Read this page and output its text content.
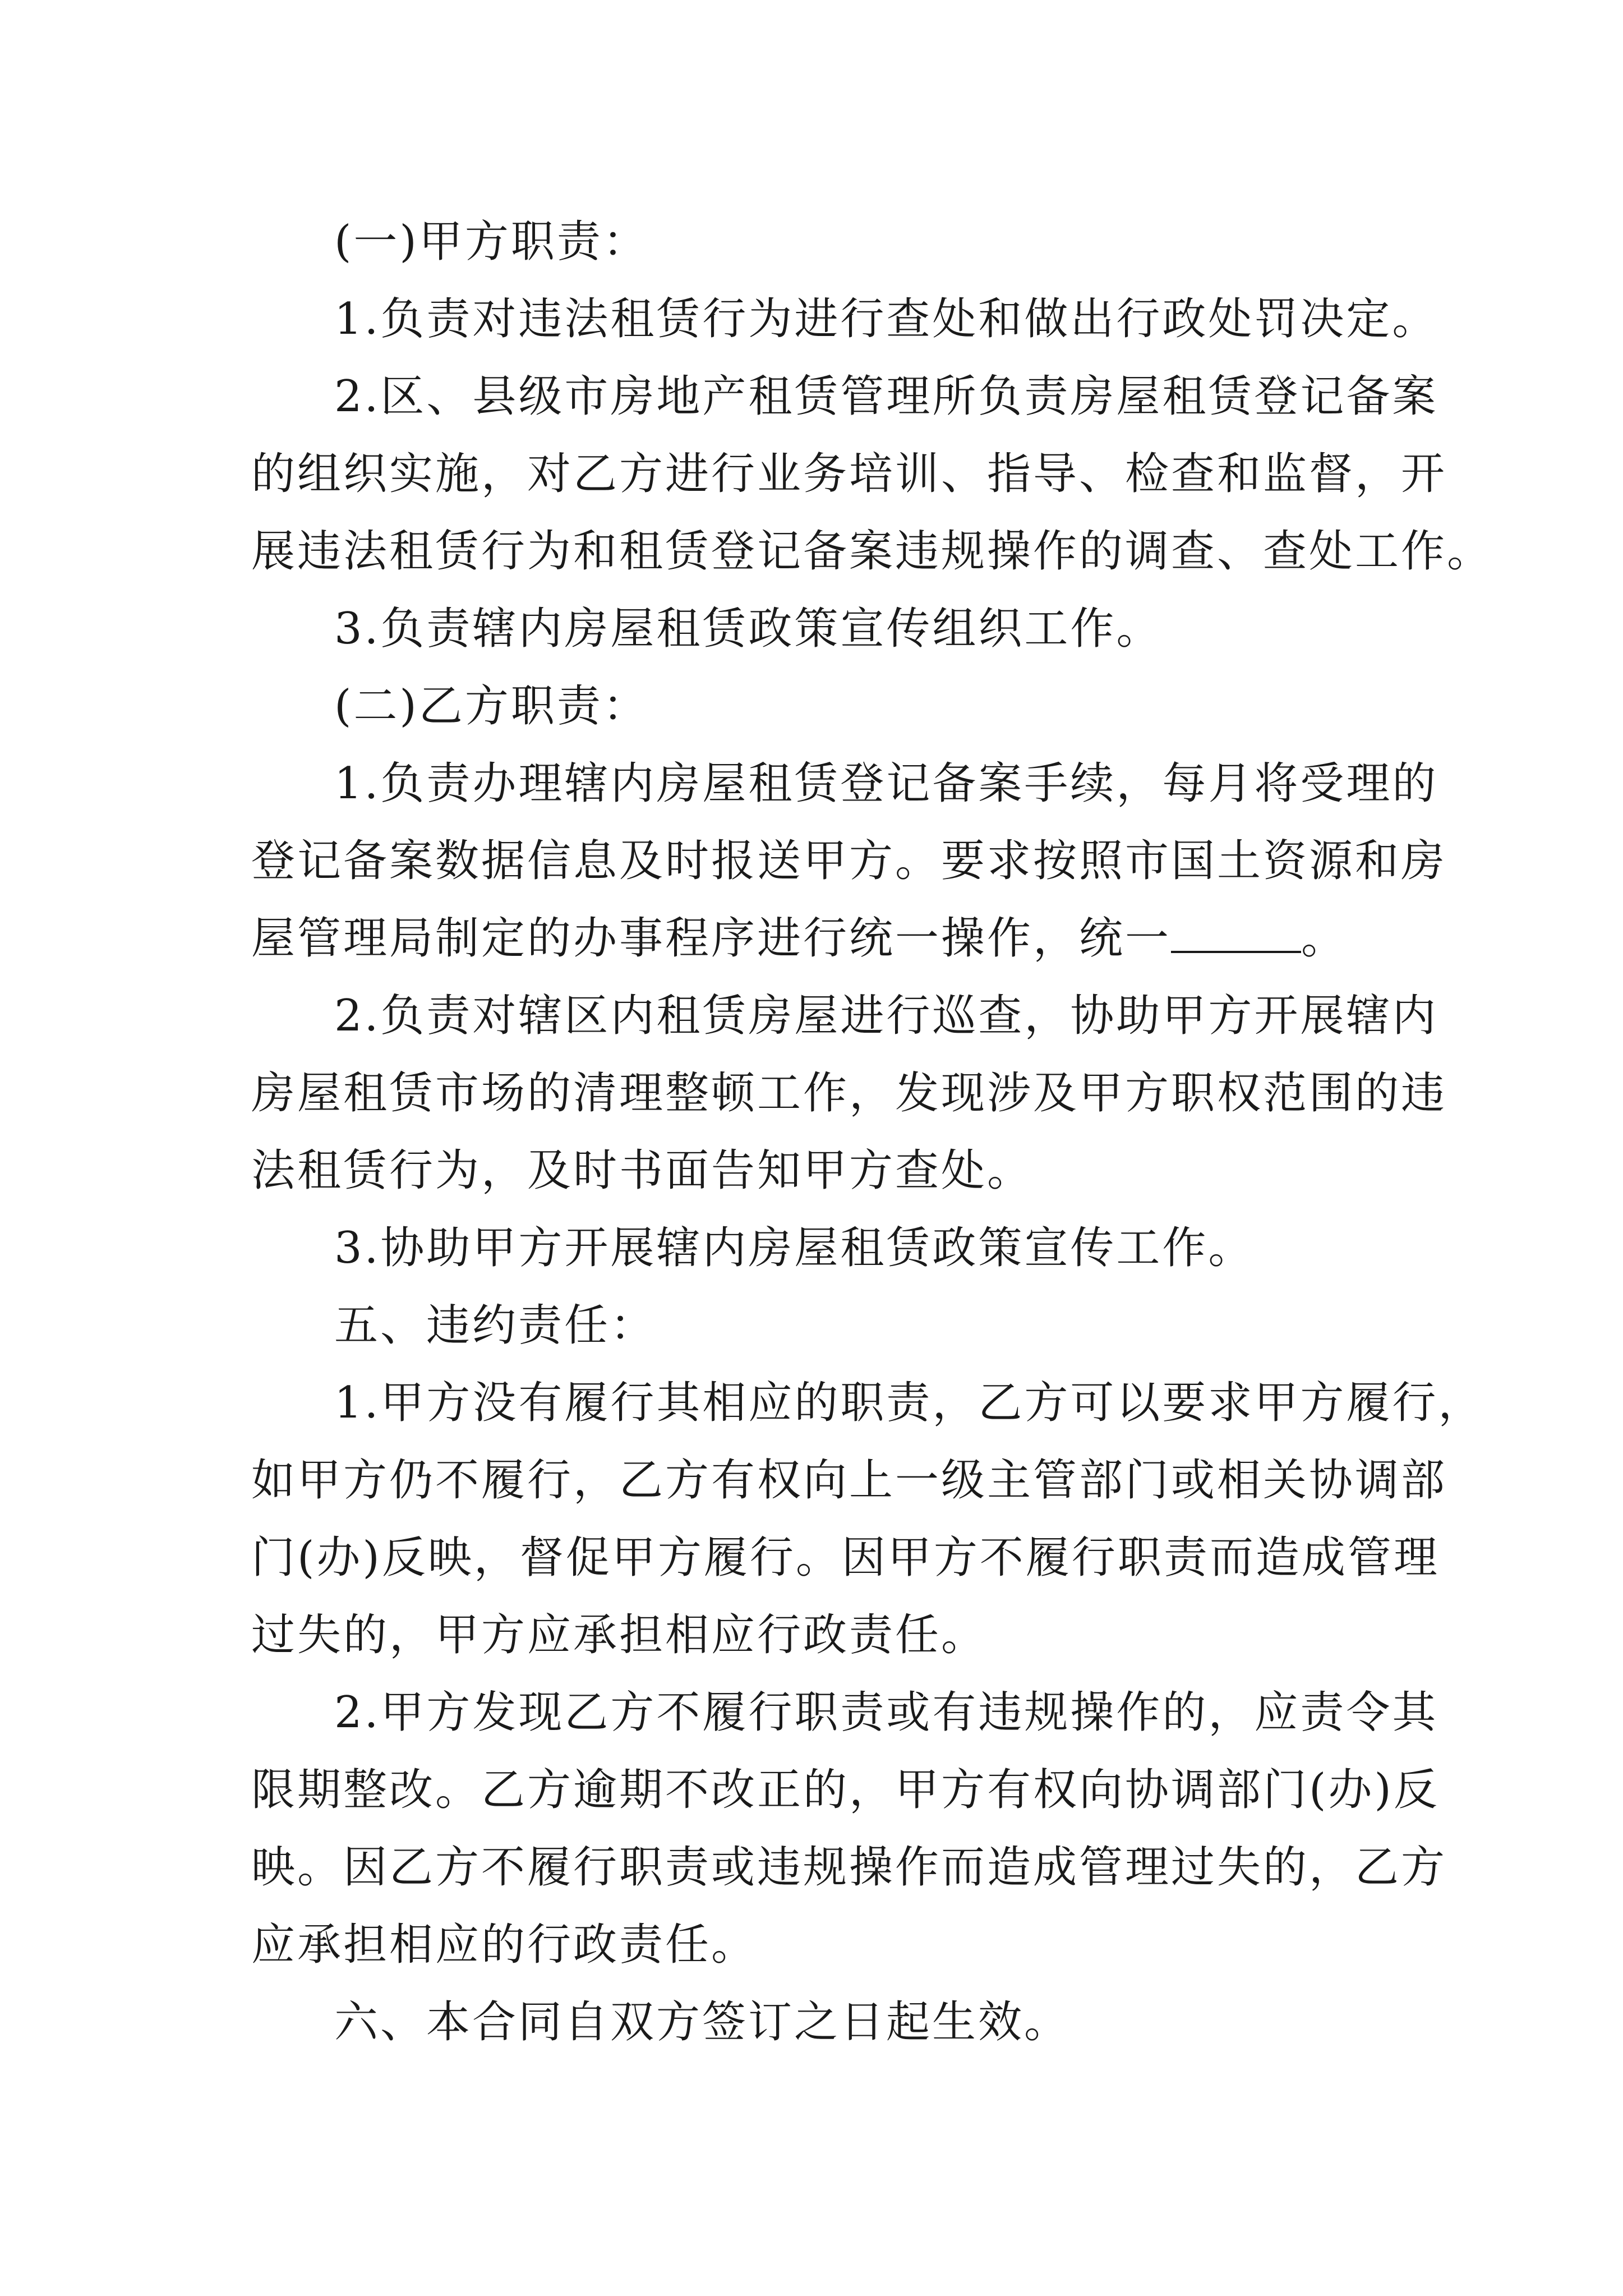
(一)甲方职责：

1.负责对违法租赁行为进行查处和做出行政处罚决定。

2.区、县级市房地产租赁管理所负责房屋租赁登记备案

的组织实施，对乙方进行业务培训、指导、检查和监督，开

展违法租赁行为和租赁登记备案违规操作的调查、查处工作。

3.负责辖内房屋租赁政策宣传组织工作。

(二)乙方职责：

1.负责办理辖内房屋租赁登记备案手续，每月将受理的

登记备案数据信息及时报送甲方。要求按照市国土资源和房

屋管理局制定的办事程序进行统一操作，统一	。

2.负责对辖区内租赁房屋进行巡查，协助甲方开展辖内

房屋租赁市场的清理整顿工作，发现涉及甲方职权范围的违

法租赁行为，及时书面告知甲方查处。

3.协助甲方开展辖内房屋租赁政策宣传工作。

五、违约责任：

1.甲方没有履行其相应的职责，乙方可以要求甲方履行，

如甲方仍不履行，乙方有权向上一级主管部门或相关协调部

门(办)反映，督促甲方履行。因甲方不履行职责而造成管理

过失的，甲方应承担相应行政责任。

2.甲方发现乙方不履行职责或有违规操作的，应责令其

限期整改。乙方逾期不改正的，甲方有权向协调部门(办)反

映。因乙方不履行职责或违规操作而造成管理过失的，乙方

应承担相应的行政责任。

六、本合同自双方签订之日起生效。
